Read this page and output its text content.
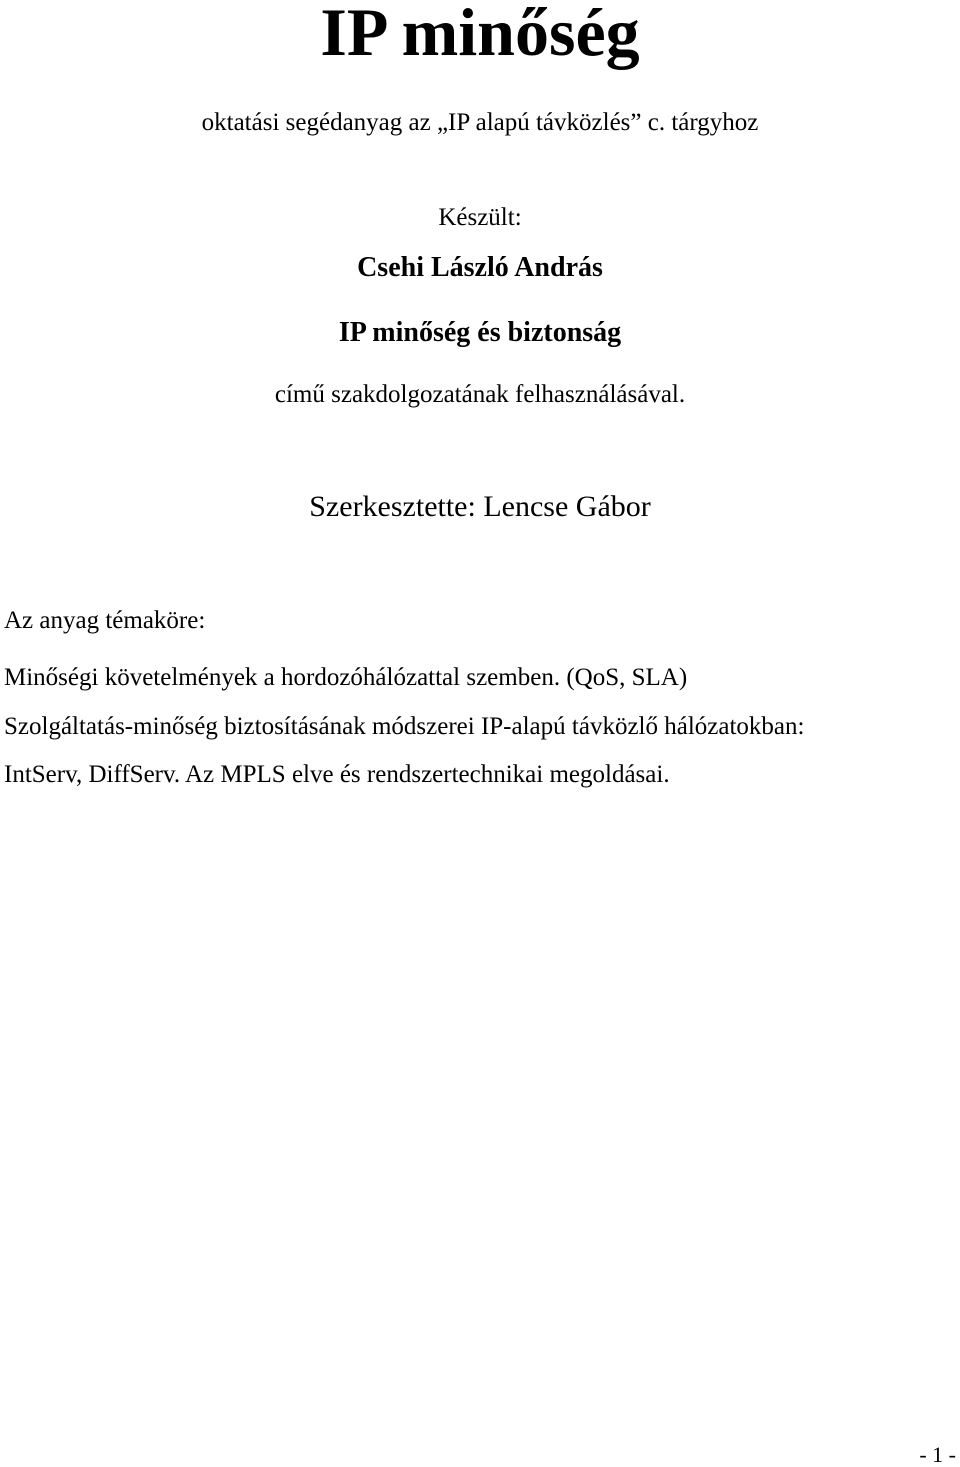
IP minőség

oktatási segédanyag az „IP alapú távközlés” c. tárgyhoz

Készült:

Csehi László András

IP minőség és biztonság

című szakdolgozatának felhasználásával.

Szerkesztette: Lencse Gábor

Az anyag témaköre:

Minőségi követelmények a hordozóhálózattal szemben. (QoS, SLA)

Szolgáltatás-minőség biztosításának módszerei IP-alapú távközlő hálózatokban:

IntServ, DiffServ. Az MPLS elve és rendszertechnikai megoldásai.

- 1 -
